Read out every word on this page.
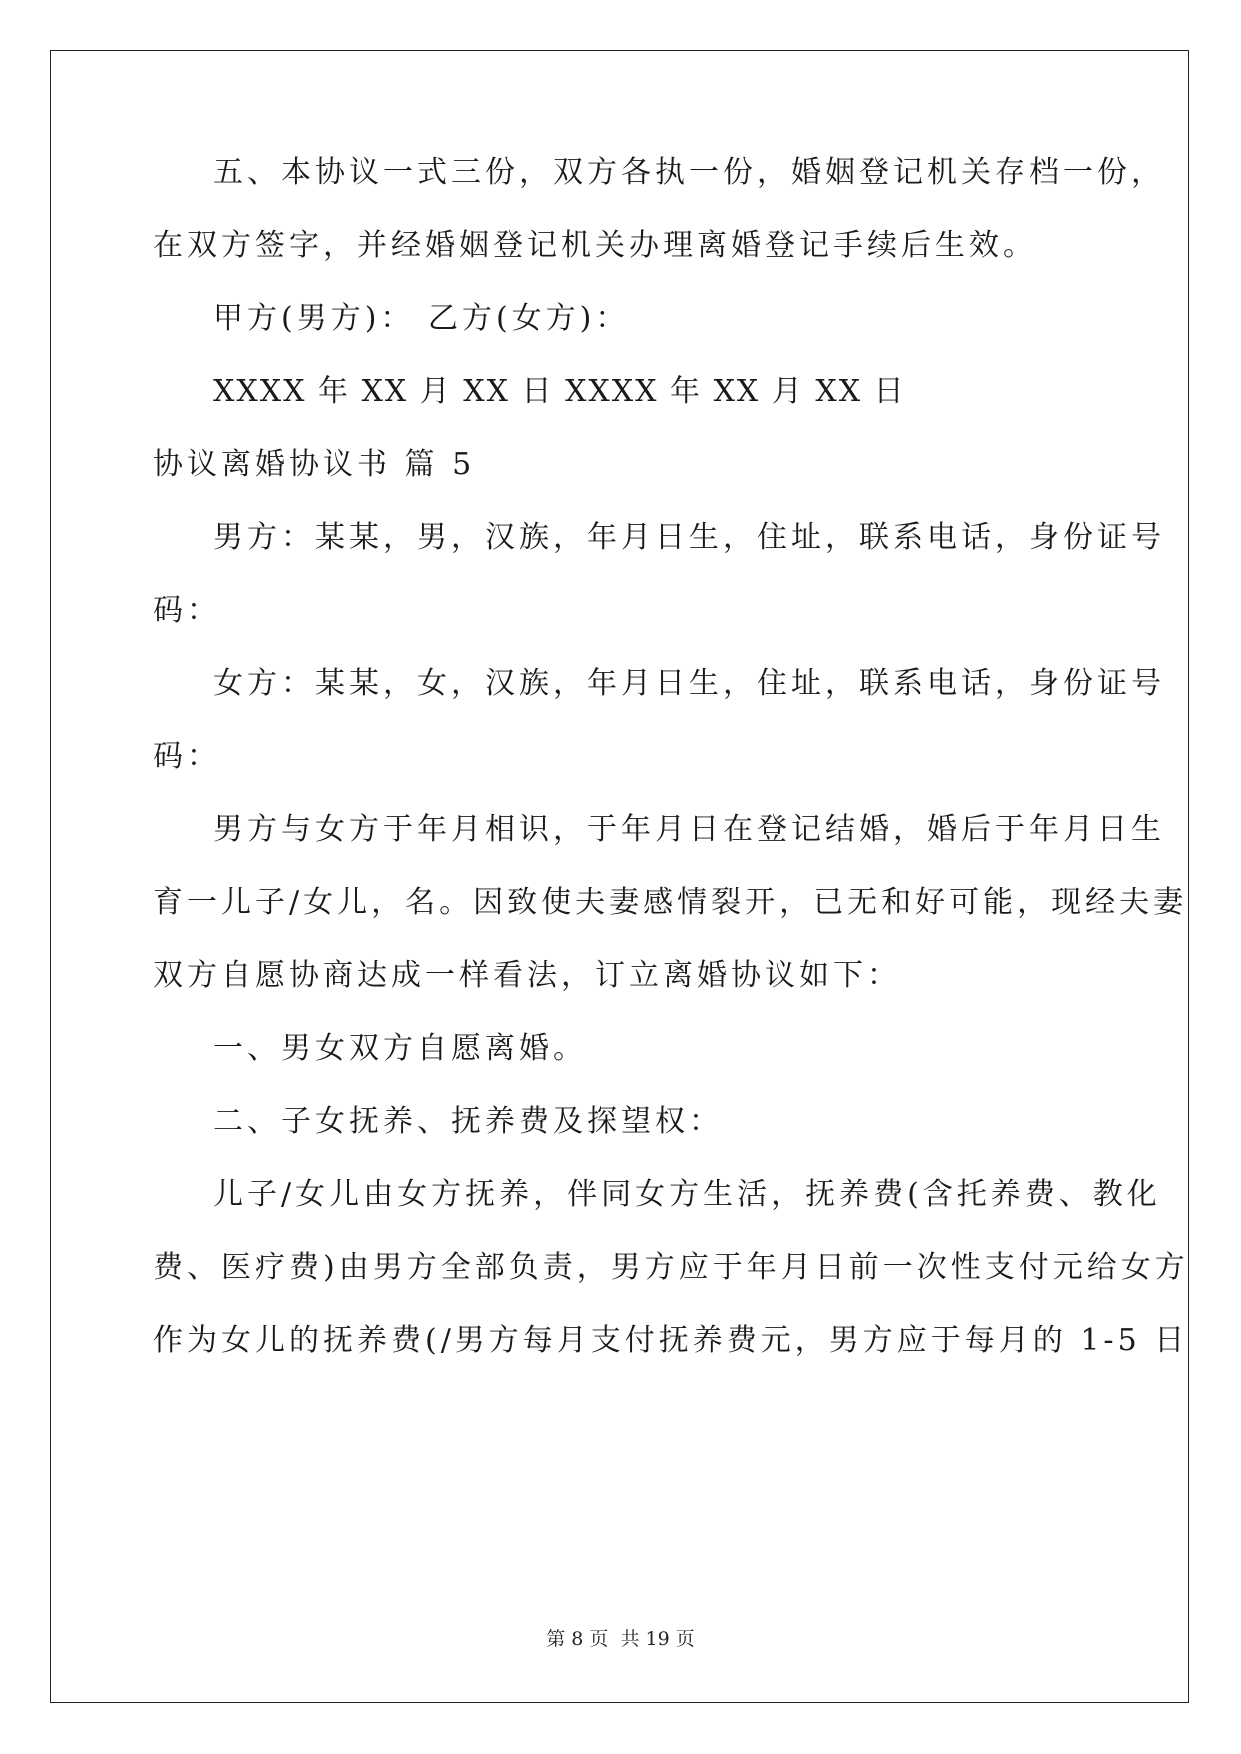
五、本协议一式三份，双方各执一份，婚姻登记机关存档一份，
在双方签字，并经婚姻登记机关办理离婚登记手续后生效。
甲方(男方)： 乙方(女方)：
XXXX 年 XX 月 XX 日 XXXX 年 XX 月 XX 日
协议离婚协议书 篇 5
男方：某某，男，汉族，年月日生，住址，联系电话，身份证号
码：
女方：某某，女，汉族，年月日生，住址，联系电话，身份证号
码：
男方与女方于年月相识，于年月日在登记结婚，婚后于年月日生
育一儿子/女儿，名。因致使夫妻感情裂开，已无和好可能，现经夫妻
双方自愿协商达成一样看法，订立离婚协议如下：
一、男女双方自愿离婚。
二、子女抚养、抚养费及探望权：
儿子/女儿由女方抚养，伴同女方生活，抚养费(含托养费、教化
费、医疗费)由男方全部负责，男方应于年月日前一次性支付元给女方
作为女儿的抚养费(/男方每月支付抚养费元，男方应于每月的 1-5 日
第 8 页 共 19 页
